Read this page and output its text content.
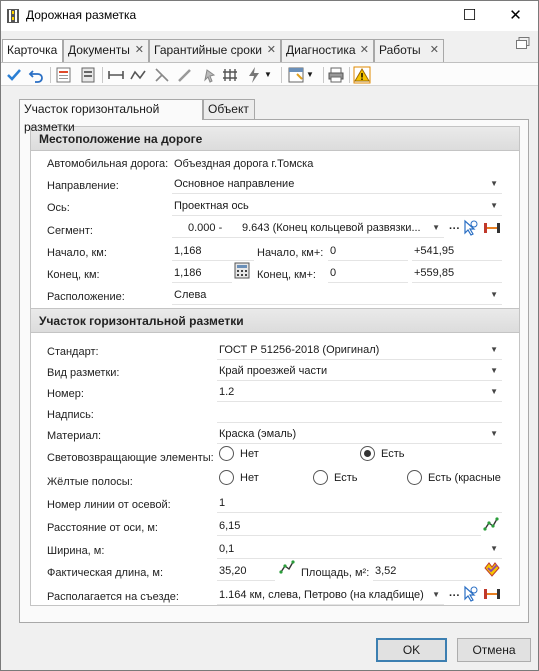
Дорожная разметка	☐	✕
Карточка Документы ✕ Гарантийные сроки ✕ Диагностика ✕ Работы ✕
▼	▼
Участок горизонтальной разметки
Объект
Местоположение на дороге
Автомобильная дорога: Объездная дорога г.Томска
Направление:	Основное направление	▼
Ось:	Проектная ось	▼
Сегмент:	0.000 - 9.643 (Конец кольцевой развязки... ▼ ···
Начало, км:	1,168	Начало, км+: 0	+541,95
Конец, км:	1,186	Конец, км+: 0	+559,85
Расположение:	Слева	▼
Участок горизонтальной разметки
Стандарт:	ГОСТ Р 51256-2018 (Оригинал)	▼
Вид разметки:	Край проезжей части	▼
Номер:	1.2	▼
Надпись:
Материал:	Краска (эмаль)	▼
Световозвращающие элементы:	Нет	Есть
Жёлтые полосы:	Нет	Есть	Есть (красные
Номер линии от осевой:	1
Расстояние от оси, м:	6,15
Ширина, м:	0,1	▼
Фактическая длина, м:	35,20	Площадь, м²: 3,52
Располагается на съезде:	1.164 км, слева, Петрово (на кладбище) ▼ ···
OK	Отмена
